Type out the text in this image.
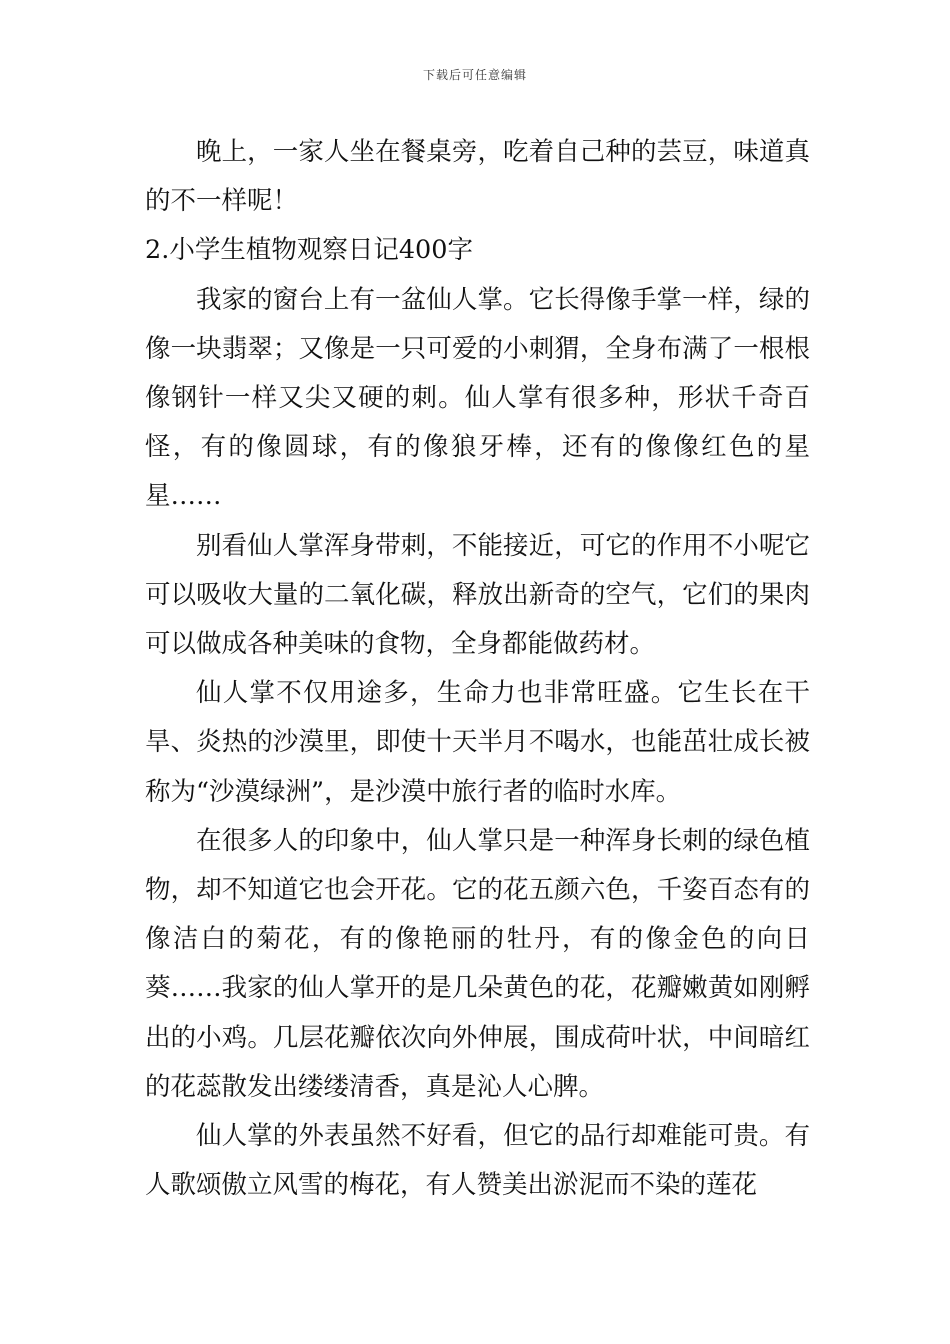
下载后可任意编辑

晚上，一家人坐在餐桌旁，吃着自己种的芸豆，味道真的不一样呢！

2.小学生植物观察日记400字

我家的窗台上有一盆仙人掌。它长得像手掌一样，绿的像一块翡翠；又像是一只可爱的小刺猬，全身布满了一根根像钢针一样又尖又硬的刺。仙人掌有很多种，形状千奇百怪，有的像圆球，有的像狼牙棒，还有的像像红色的星星……

别看仙人掌浑身带刺，不能接近，可它的作用不小呢它可以吸收大量的二氧化碳，释放出新奇的空气，它们的果肉可以做成各种美味的食物，全身都能做药材。

仙人掌不仅用途多，生命力也非常旺盛。它生长在干旱、炎热的沙漠里，即使十天半月不喝水，也能茁壮成长被称为“沙漠绿洲”，是沙漠中旅行者的临时水库。

在很多人的印象中，仙人掌只是一种浑身长刺的绿色植物，却不知道它也会开花。它的花五颜六色，千姿百态有的像洁白的菊花，有的像艳丽的牡丹，有的像金色的向日葵……我家的仙人掌开的是几朵黄色的花，花瓣嫩黄如刚孵出的小鸡。几层花瓣依次向外伸展，围成荷叶状，中间暗红的花蕊散发出缕缕清香，真是沁人心脾。

仙人掌的外表虽然不好看，但它的品行却难能可贵。有人歌颂傲立风雪的梅花，有人赞美出淤泥而不染的莲花
